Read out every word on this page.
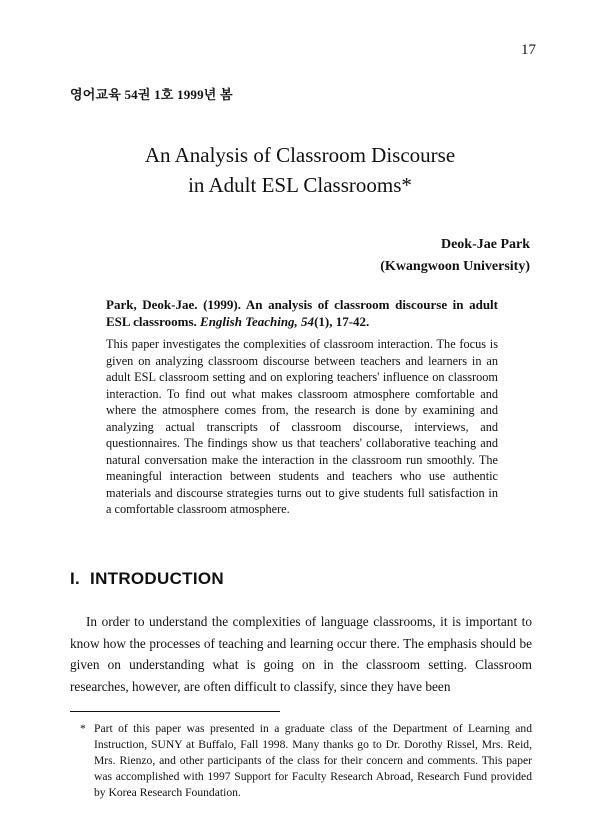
17
영어교육 54권 1호 1999년 봄
An Analysis of Classroom Discourse
in Adult ESL Classrooms*
Deok-Jae Park
(Kwangwoon University)
Park, Deok-Jae. (1999). An analysis of classroom discourse in adult ESL classrooms. English Teaching, 54(1), 17-42.
This paper investigates the complexities of classroom interaction. The focus is given on analyzing classroom discourse between teachers and learners in an adult ESL classroom setting and on exploring teachers' influence on classroom interaction. To find out what makes classroom atmosphere comfortable and where the atmosphere comes from, the research is done by examining and analyzing actual transcripts of classroom discourse, interviews, and questionnaires. The findings show us that teachers' collaborative teaching and natural conversation make the interaction in the classroom run smoothly. The meaningful interaction between students and teachers who use authentic materials and discourse strategies turns out to give students full satisfaction in a comfortable classroom atmosphere.
I. INTRODUCTION
In order to understand the complexities of language classrooms, it is important to know how the processes of teaching and learning occur there. The emphasis should be given on understanding what is going on in the classroom setting. Classroom researches, however, are often difficult to classify, since they have been
* Part of this paper was presented in a graduate class of the Department of Learning and Instruction, SUNY at Buffalo, Fall 1998. Many thanks go to Dr. Dorothy Rissel, Mrs. Reid, Mrs. Rienzo, and other participants of the class for their concern and comments. This paper was accomplished with 1997 Support for Faculty Research Abroad, Research Fund provided by Korea Research Foundation.
